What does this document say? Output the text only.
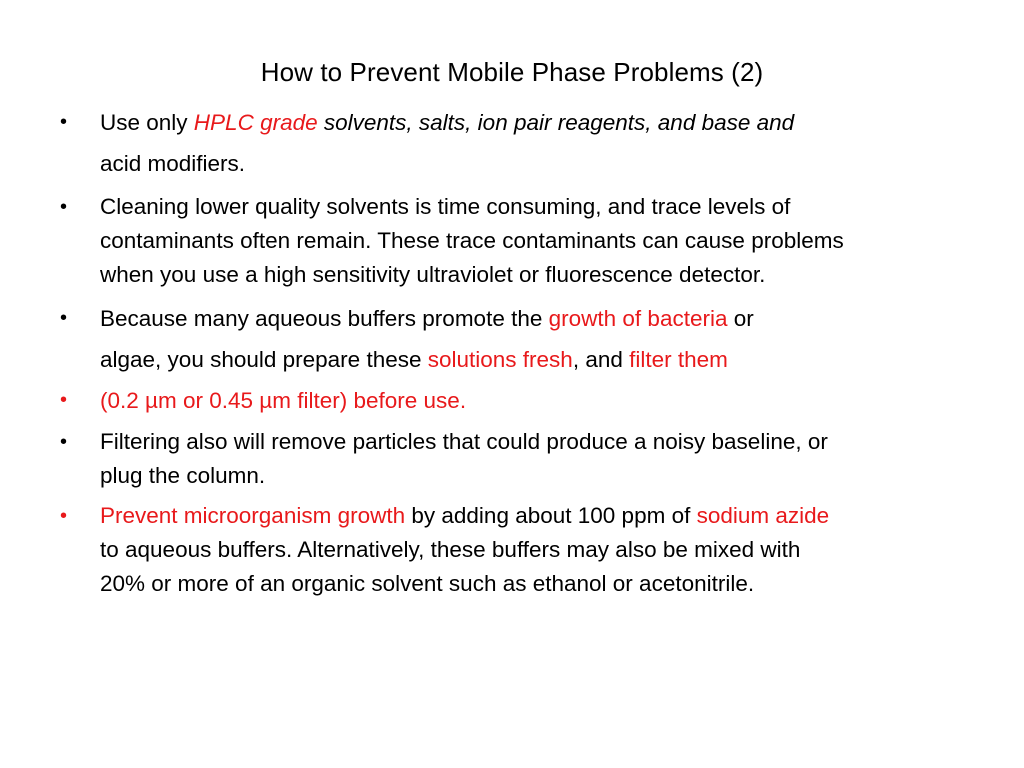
How to Prevent Mobile Phase Problems (2)
•	Use only HPLC grade solvents, salts, ion pair reagents, and base and
acid modifiers.
•	Cleaning lower quality solvents is time consuming, and trace levels of
contaminants often remain. These trace contaminants can cause problems
when you use a high sensitivity ultraviolet or fluorescence detector.
•	Because many aqueous buffers promote the growth of bacteria or
algae, you should prepare these solutions fresh, and filter them
•	(0.2 µm or 0.45 µm filter) before use.
•	Filtering also will remove particles that could produce a noisy baseline, or
plug the column.
•	Prevent microorganism growth by adding about 100 ppm of sodium azide
to aqueous buffers. Alternatively, these buffers may also be mixed with
20% or more of an organic solvent such as ethanol or acetonitrile.
